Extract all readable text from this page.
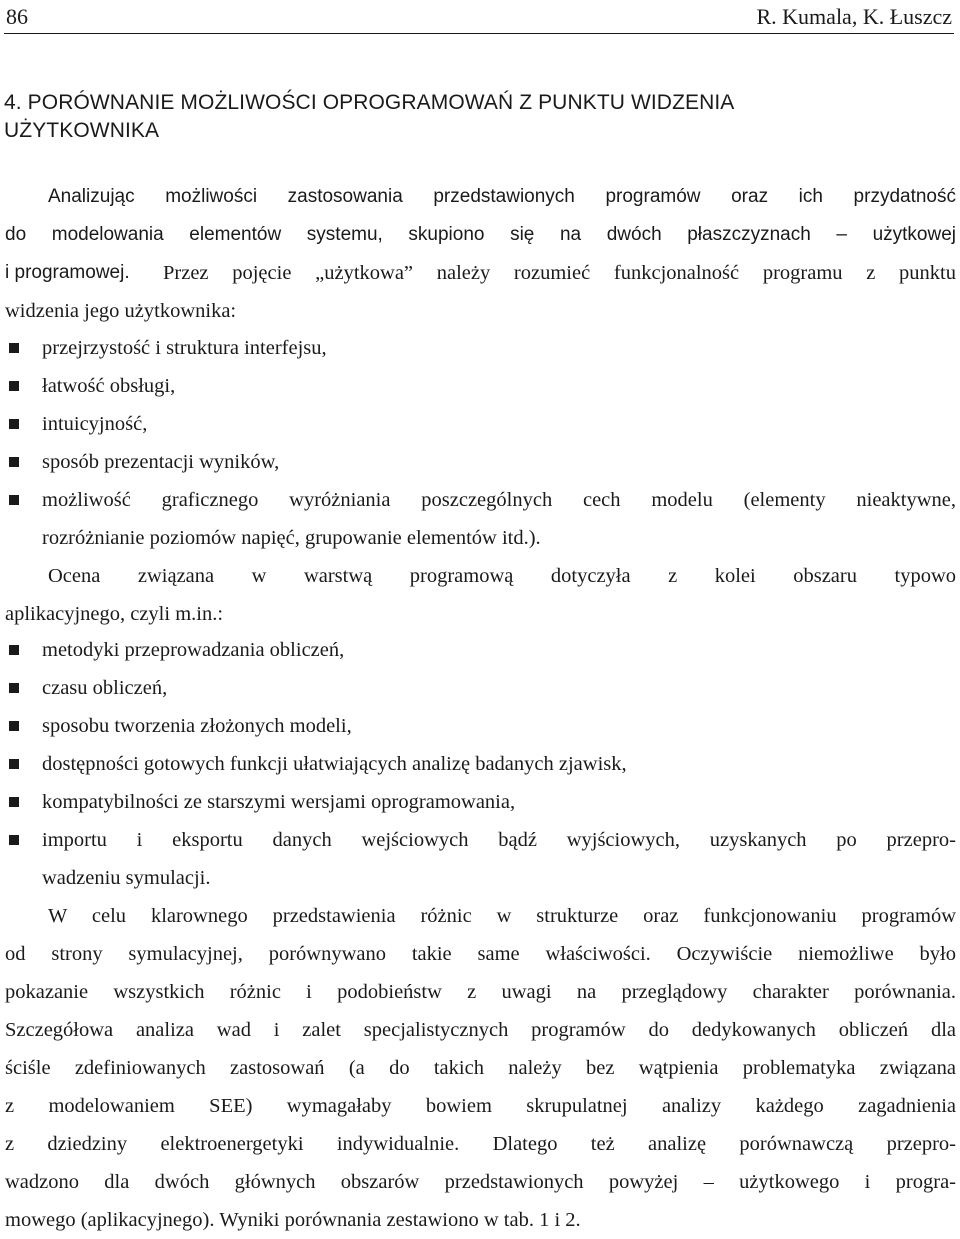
86	R. Kumala, K. Łuszcz
4. PORÓWNANIE MOŻLIWOŚCI OPROGRAMOWAŃ Z PUNKTU WIDZENIA
UŻYTKOWNIKA
Analizując możliwości zastosowania przedstawionych programów oraz ich przydatność
do modelowania elementów systemu, skupiono się na dwóch płaszczyznach – użytkowej
i programowej. Przez pojęcie „użytkowa” należy rozumieć funkcjonalność programu z punktu
widzenia jego użytkownika:
przejrzystość i struktura interfejsu,
łatwość obsługi,
intuicyjność,
sposób prezentacji wyników,
możliwość graficznego wyróżniania poszczególnych cech modelu (elementy nieaktywne,
rozróżnianie poziomów napięć, grupowanie elementów itd.).
Ocena związana w warstwą programową dotyczyła z kolei obszaru typowo
aplikacyjnego, czyli m.in.:
metodyki przeprowadzania obliczeń,
czasu obliczeń,
sposobu tworzenia złożonych modeli,
dostępności gotowych funkcji ułatwiających analizę badanych zjawisk,
kompatybilności ze starszymi wersjami oprogramowania,
importu i eksportu danych wejściowych bądź wyjściowych, uzyskanych po przepro-
wadzeniu symulacji.
W celu klarownego przedstawienia różnic w strukturze oraz funkcjonowaniu programów
od strony symulacyjnej, porównywano takie same właściwości. Oczywiście niemożliwe było
pokazanie wszystkich różnic i podobieństw z uwagi na przeglądowy charakter porównania.
Szczegółowa analiza wad i zalet specjalistycznych programów do dedykowanych obliczeń dla
ściśle zdefiniowanych zastosowań (a do takich należy bez wątpienia problematyka związana
z modelowaniem SEE) wymagałaby bowiem skrupulatnej analizy każdego zagadnienia
z dziedziny elektroenergetyki indywidualnie. Dlatego też analizę porównawczą przepro-
wadzono dla dwóch głównych obszarów przedstawionych powyżej – użytkowego i progra-
mowego (aplikacyjnego). Wyniki porównania zestawiono w tab. 1 i 2.
